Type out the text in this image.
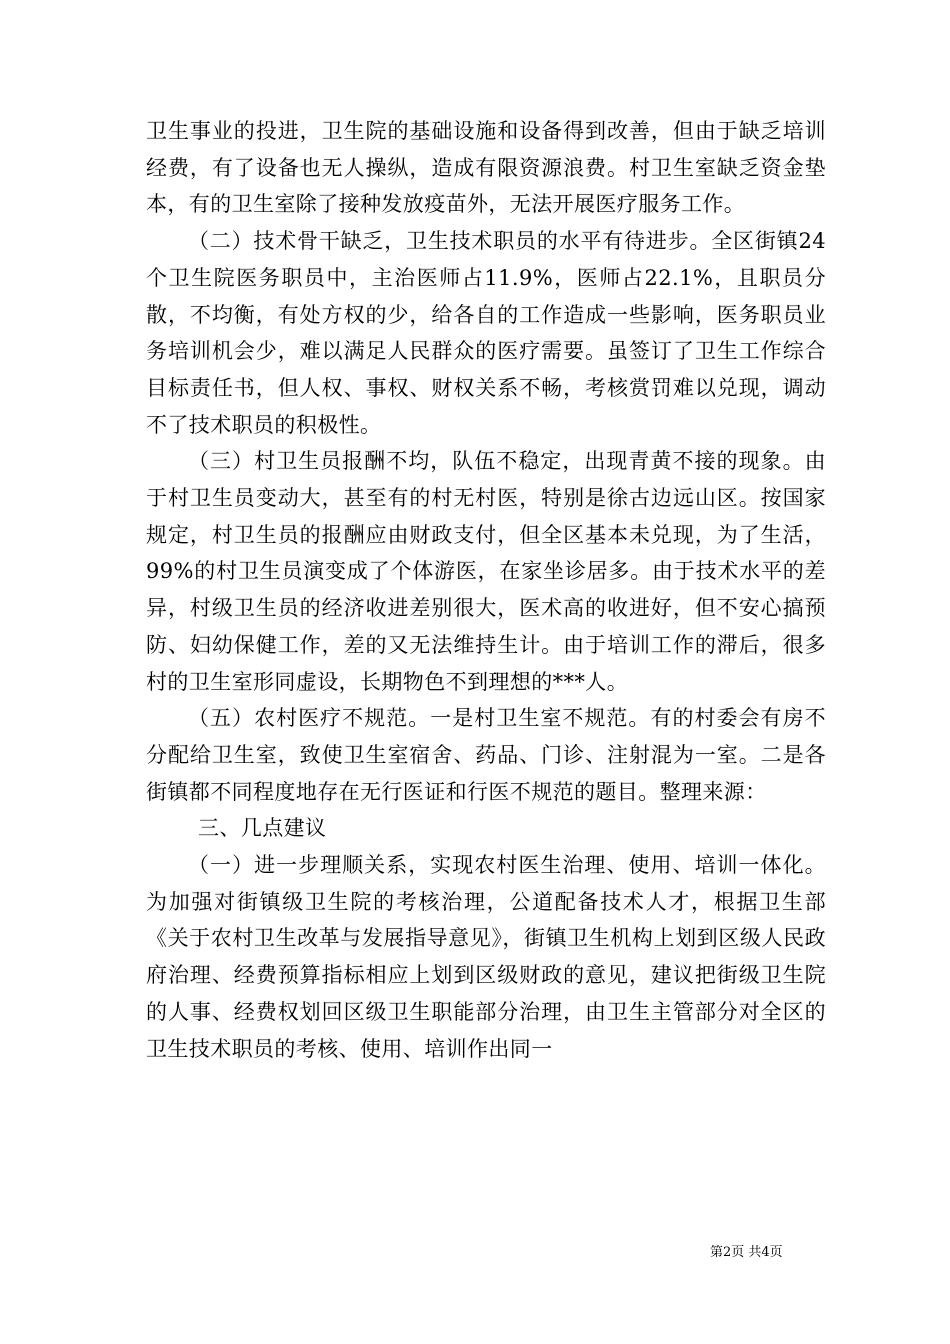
卫生事业的投进，卫生院的基础设施和设备得到改善，但由于缺乏培训经费，有了设备也无人操纵，造成有限资源浪费。村卫生室缺乏资金垫本，有的卫生室除了接种发放疫苗外，无法开展医疗服务工作。

（二）技术骨干缺乏，卫生技术职员的水平有待进步。全区街镇24个卫生院医务职员中，主治医师占11.9%，医师占22.1%，且职员分散，不均衡，有处方权的少，给各自的工作造成一些影响，医务职员业务培训机会少，难以满足人民群众的医疗需要。虽签订了卫生工作综合目标责任书，但人权、事权、财权关系不畅，考核赏罚难以兑现，调动不了技术职员的积极性。

（三）村卫生员报酬不均，队伍不稳定，出现青黄不接的现象。由于村卫生员变动大，甚至有的村无村医，特别是徐古边远山区。按国家规定，村卫生员的报酬应由财政支付，但全区基本未兑现，为了生活，99%的村卫生员演变成了个体游医，在家坐诊居多。由于技术水平的差异，村级卫生员的经济收进差别很大，医术高的收进好，但不安心搞预防、妇幼保健工作，差的又无法维持生计。由于培训工作的滞后，很多村的卫生室形同虚设，长期物色不到理想的***人。

（五）农村医疗不规范。一是村卫生室不规范。有的村委会有房不分配给卫生室，致使卫生室宿舍、药品、门诊、注射混为一室。二是各街镇都不同程度地存在无行医证和行医不规范的题目。整理来源：

三、几点建议

（一）进一步理顺关系，实现农村医生治理、使用、培训一体化。为加强对街镇级卫生院的考核治理，公道配备技术人才，根据卫生部《关于农村卫生改革与发展指导意见》，街镇卫生机构上划到区级人民政府治理、经费预算指标相应上划到区级财政的意见，建议把街级卫生院的人事、经费权划回区级卫生职能部分治理，由卫生主管部分对全区的卫生技术职员的考核、使用、培训作出同一

第2页 共4页
